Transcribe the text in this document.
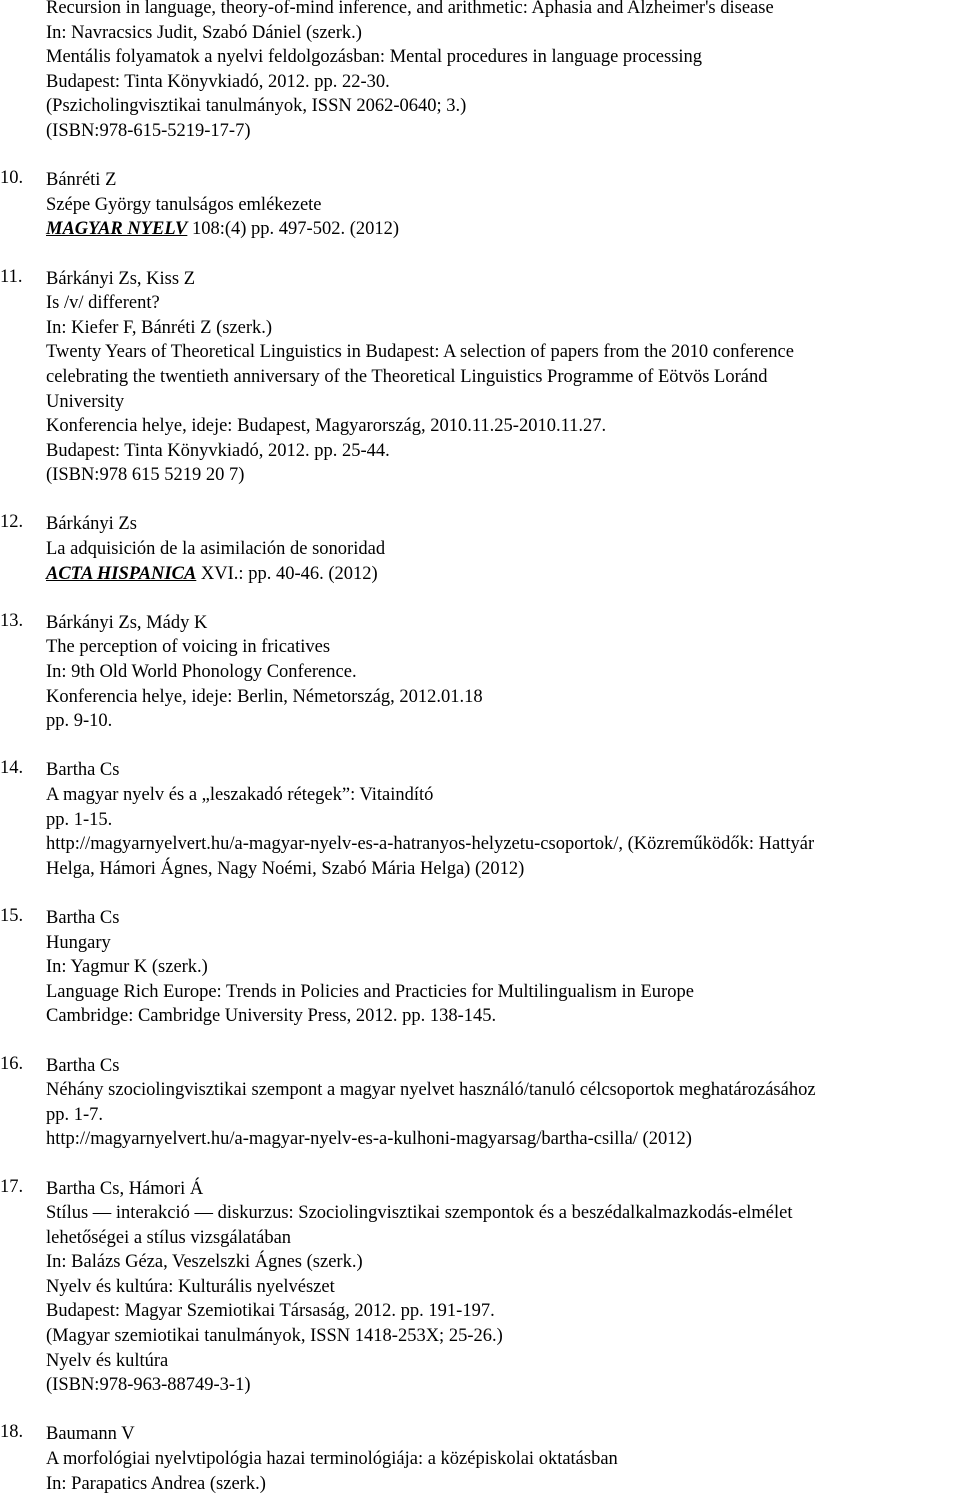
Recursion in language, theory-of-mind inference, and arithmetic: Aphasia and Alzheimer's disease
In: Navracsics Judit, Szabó Dániel (szerk.)
Mentális folyamatok a nyelvi feldolgozásban: Mental procedures in language processing
Budapest: Tinta Könyvkiadó, 2012. pp. 22-30.
(Pszicholingvisztikai tanulmányok, ISSN 2062-0640; 3.)
(ISBN:978-615-5219-17-7)
10.	Bánréti Z
Szépe György tanulságos emlékezete
MAGYAR NYELV 108:(4) pp. 497-502. (2012)
11.	Bárkányi Zs, Kiss Z
Is /v/ different?
In: Kiefer F, Bánréti Z (szerk.)
Twenty Years of Theoretical Linguistics in Budapest: A selection of papers from the 2010 conference
celebrating the twentieth anniversary of the Theoretical Linguistics Programme of Eötvös Loránd
University
Konferencia helye, ideje: Budapest, Magyarország, 2010.11.25-2010.11.27.
Budapest: Tinta Könyvkiadó, 2012. pp. 25-44.
(ISBN:978 615 5219 20 7)
12.	Bárkányi Zs
La adquisición de la asimilación de sonoridad
ACTA HISPANICA XVI.: pp. 40-46. (2012)
13.	Bárkányi Zs, Mády K
The perception of voicing in fricatives
In: 9th Old World Phonology Conference.
Konferencia helye, ideje: Berlin, Németország, 2012.01.18
pp. 9-10.
14.	Bartha Cs
A magyar nyelv és a „leszakadó rétegek”: Vitaindító
pp. 1-15.
http://magyarnyelvert.hu/a-magyar-nyelv-es-a-hatranyos-helyzetu-csoportok/, (Közreműködők: Hattyár
Helga, Hámori Ágnes, Nagy Noémi, Szabó Mária Helga) (2012)
15.	Bartha Cs
Hungary
In: Yagmur K (szerk.)
Language Rich Europe: Trends in Policies and Practicies for Multilingualism in Europe
Cambridge: Cambridge University Press, 2012. pp. 138-145.
16.	Bartha Cs
Néhány szociolingvisztikai szempont a magyar nyelvet használó/tanuló célcsoportok meghatározásához
pp. 1-7.
http://magyarnyelvert.hu/a-magyar-nyelv-es-a-kulhoni-magyarsag/bartha-csilla/ (2012)
17.	Bartha Cs, Hámori Á
Stílus — interakció — diskurzus: Szociolingvisztikai szempontok és a beszédalkalmazkodás-elmélet
lehetőségei a stílus vizsgálatában
In: Balázs Géza, Veszelszki Ágnes (szerk.)
Nyelv és kultúra: Kulturális nyelvészet
Budapest: Magyar Szemiotikai Társaság, 2012. pp. 191-197.
(Magyar szemiotikai tanulmányok, ISSN 1418-253X; 25-26.)
Nyelv és kultúra
(ISBN:978-963-88749-3-1)
18.	Baumann V
A morfológiai nyelvtipológia hazai terminológiája: a középiskolai oktatásban
In: Parapatics Andrea (szerk.)
